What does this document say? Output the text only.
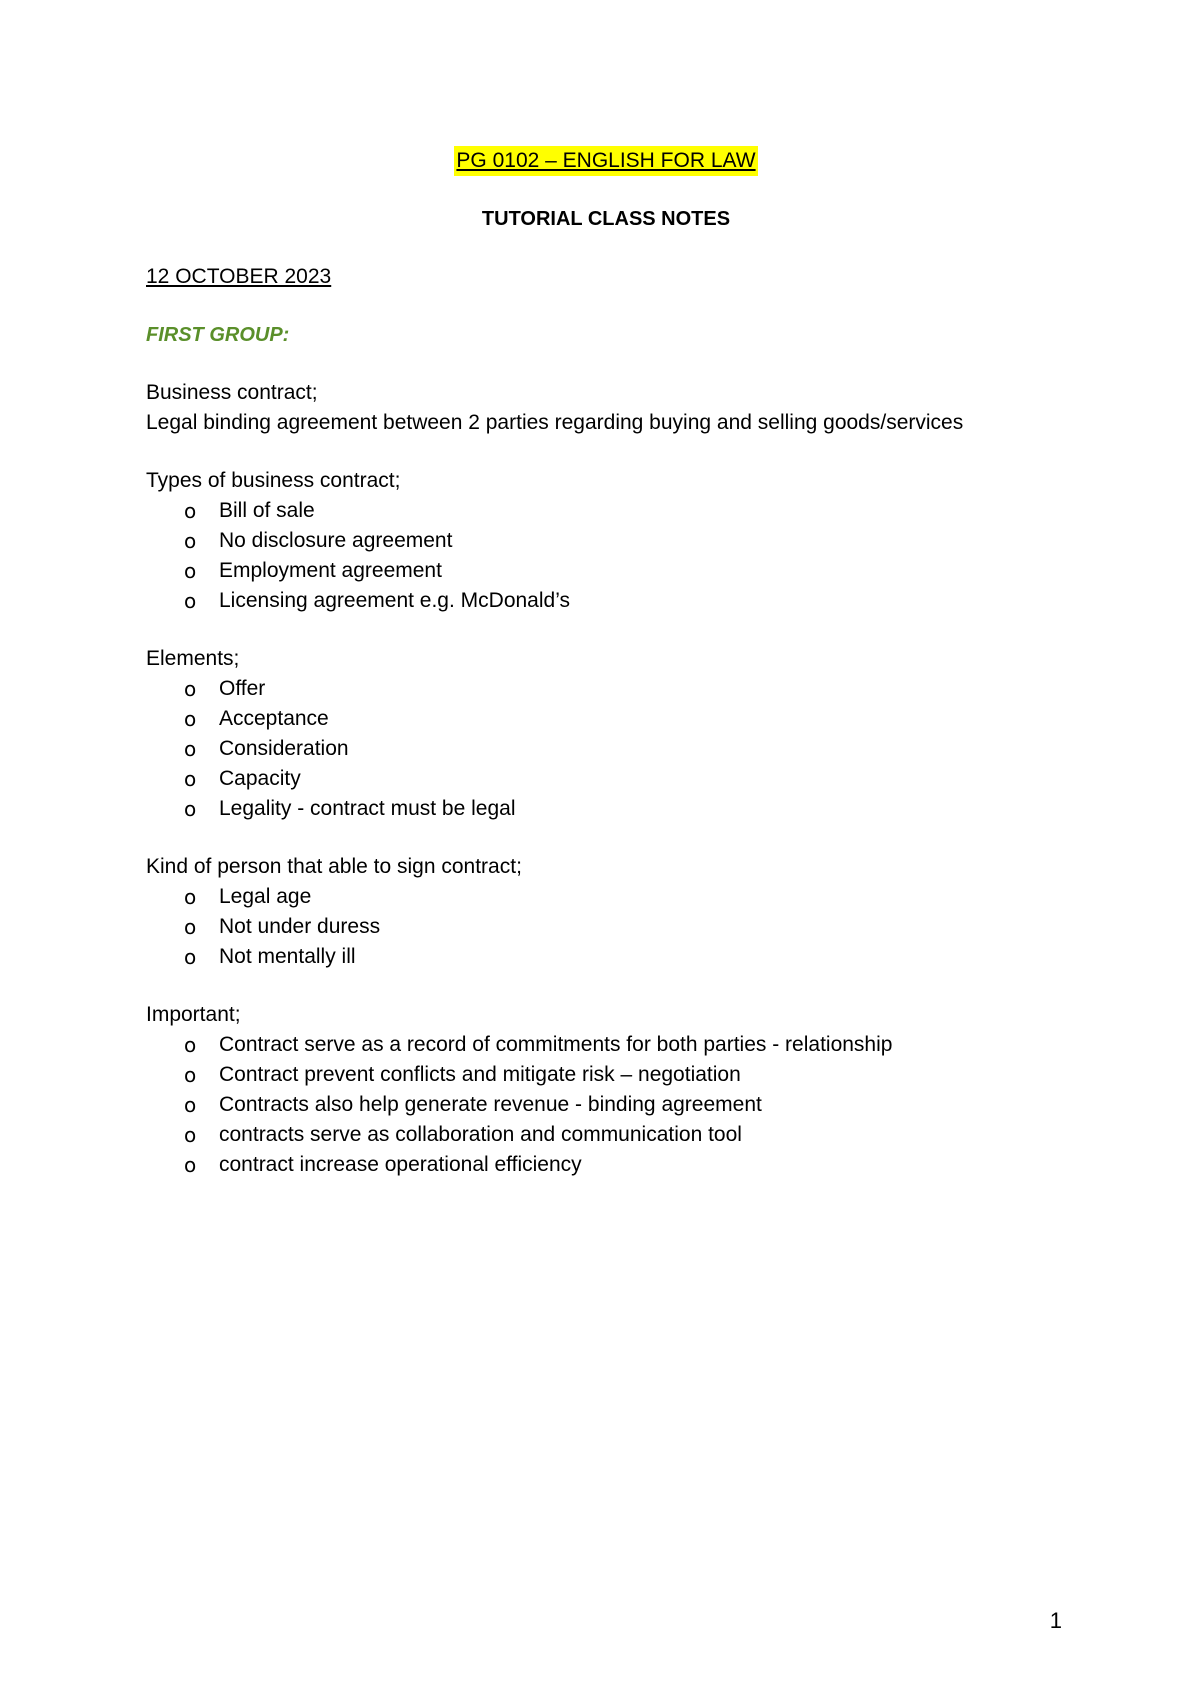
PG 0102 – ENGLISH FOR LAW
TUTORIAL CLASS NOTES
12 OCTOBER 2023
FIRST GROUP:

Business contract;

Legal binding agreement between 2 parties regarding buying and selling goods/services

Types of business contract;

o Bill of sale
o No disclosure agreement
o Employment agreement
o Licensing agreement e.g. McDonald’s

Elements;

o Offer
o Acceptance
o Consideration
o Capacity
o Legality - contract must be legal

Kind of person that able to sign contract;

o Legal age
o Not under duress
o Not mentally ill

Important;

o Contract serve as a record of commitments for both parties - relationship
o Contract prevent conflicts and mitigate risk – negotiation
o Contracts also help generate revenue - binding agreement
o contracts serve as collaboration and communication tool
o contract increase operational efficiency
1
